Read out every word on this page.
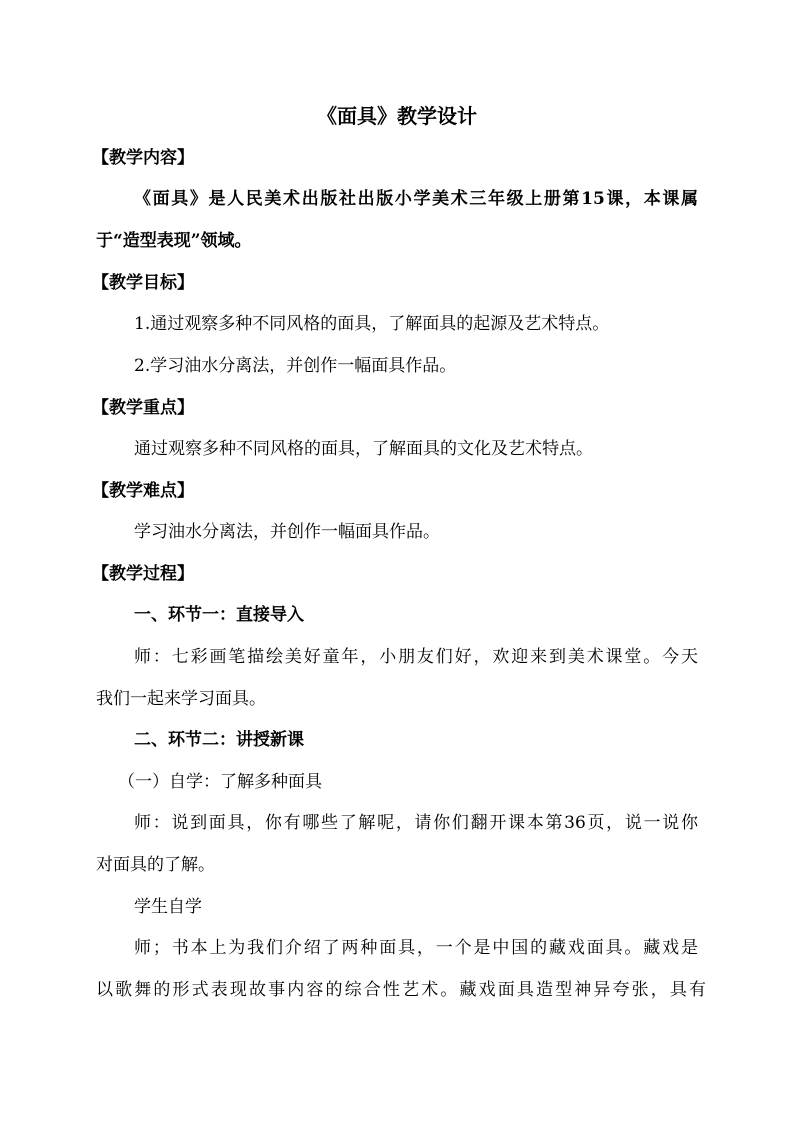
《面具》教学设计
【教学内容】
《面具》是人民美术出版社出版小学美术三年级上册第15课，本课属
于“造型表现”领域。
【教学目标】
1.通过观察多种不同风格的面具，了解面具的起源及艺术特点。
2.学习油水分离法，并创作一幅面具作品。
【教学重点】
通过观察多种不同风格的面具，了解面具的文化及艺术特点。
【教学难点】
学习油水分离法，并创作一幅面具作品。
【教学过程】
一、环节一：直接导入
师：七彩画笔描绘美好童年，小朋友们好，欢迎来到美术课堂。今天
我们一起来学习面具。
二、环节二：讲授新课
（一）自学：了解多种面具
师：说到面具，你有哪些了解呢，请你们翻开课本第36页，说一说你
对面具的了解。
学生自学
师；书本上为我们介绍了两种面具，一个是中国的藏戏面具。藏戏是
以歌舞的形式表现故事内容的综合性艺术。藏戏面具造型神异夸张，具有
